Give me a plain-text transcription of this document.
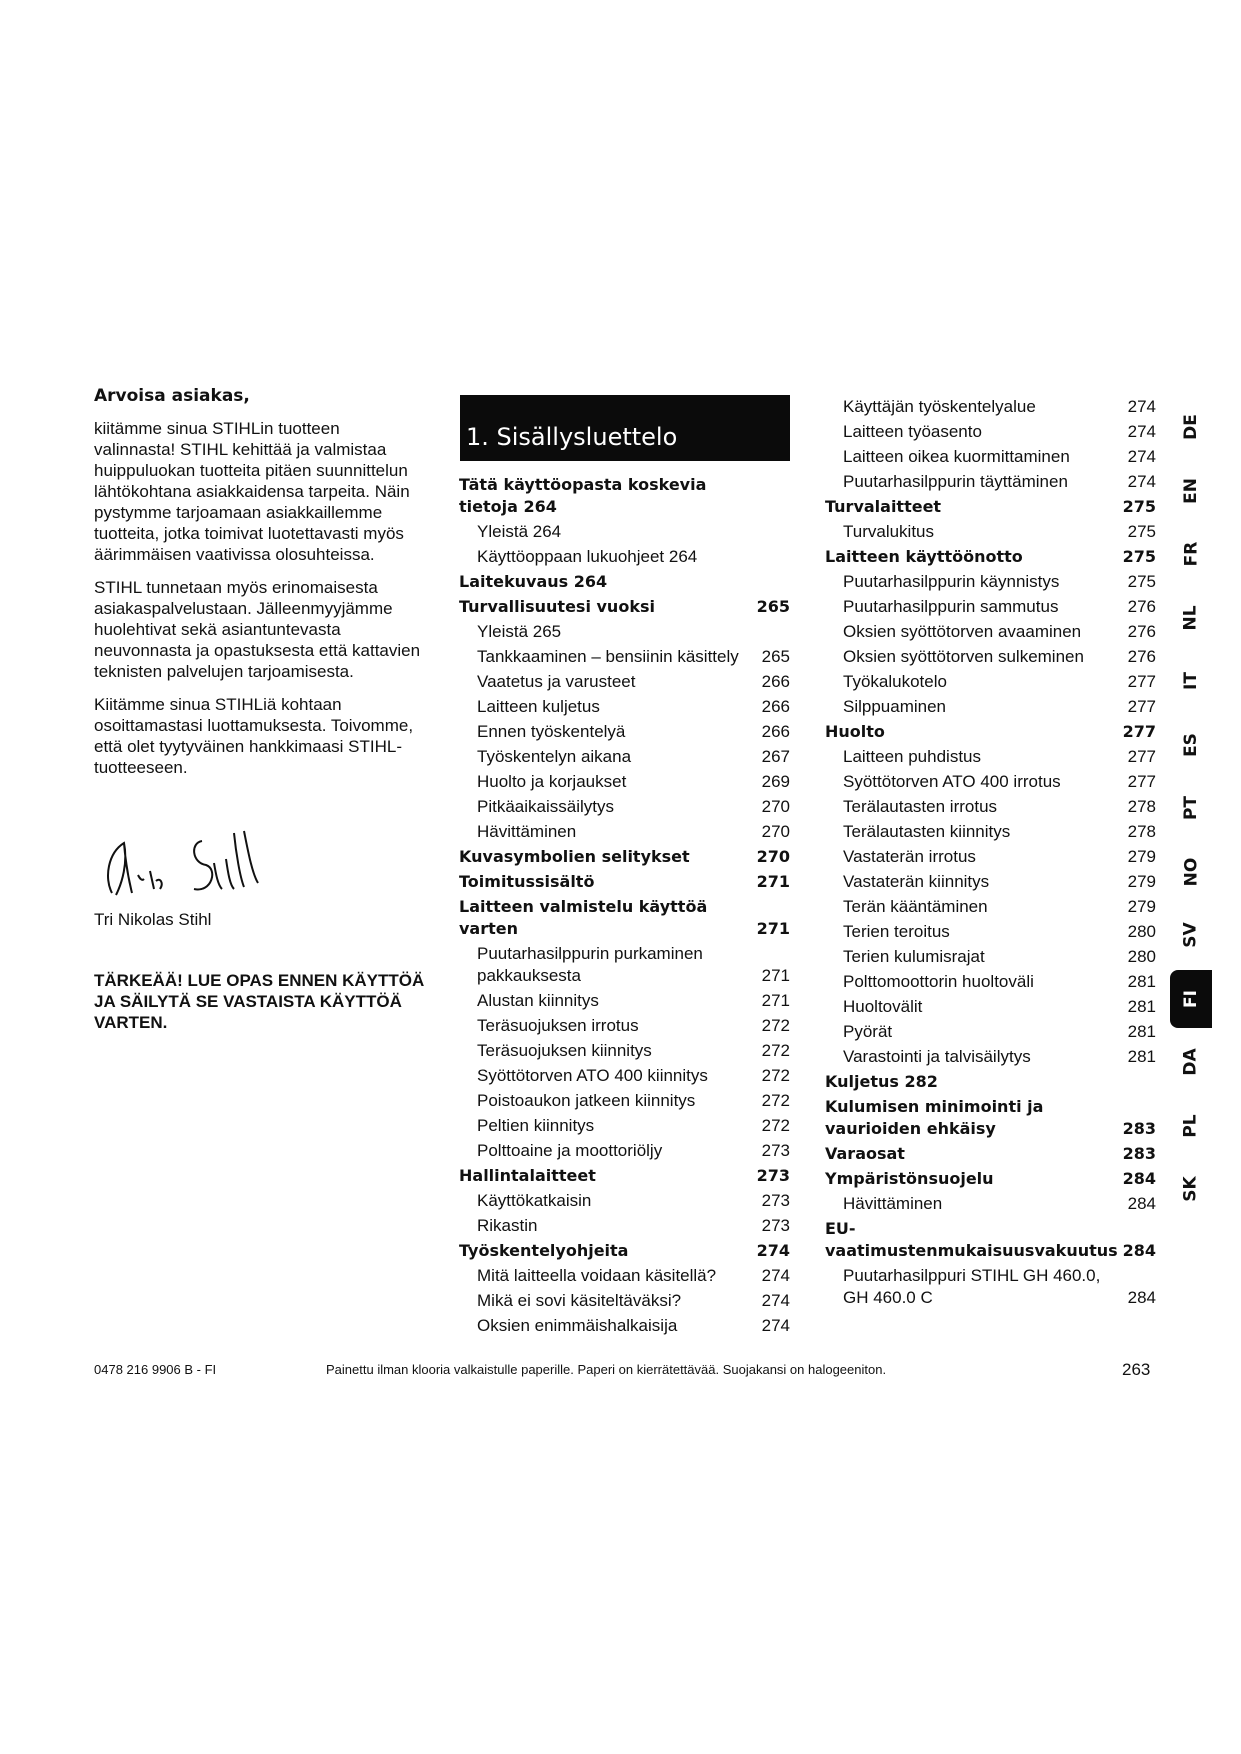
Arvoisa asiakas,

kiitämme sinua STIHLin tuotteen valinnasta! STIHL kehittää ja valmistaa huippuluokan tuotteita pitäen suunnittelun lähtökohtana asiakkaidensa tarpeita. Näin pystymme tarjoamaan asiakkaillemme tuotteita, jotka toimivat luotettavasti myös äärimmäisen vaativissa olosuhteissa.

STIHL tunnetaan myös erinomaisesta asiakaspalvelustaan. Jälleenmyyjämme huolehtivat sekä asiantuntevasta neuvonnasta ja opastuksesta että kattavien teknisten palvelujen tarjoamisesta.

Kiitämme sinua STIHLiä kohtaan osoittamastasi luottamuksesta. Toivomme, että olet tyytyväinen hankkimaasi STIHL-tuotteeseen.

Tri Nikolas Stihl
TÄRKEÄÄ! LUE OPAS ENNEN KÄYTTÖÄ JA SÄILYTÄ SE VASTAISTA KÄYTTÖÄ VARTEN.
1. Sisällysluettelo
Tätä käyttöopasta koskevia tietoja 264
Yleistä 264
Käyttöoppaan lukuohjeet 264
Laitekuvaus 264
Turvallisuutesi vuoksi	265
Yleistä 265
Tankkaaminen – bensiinin käsittely 265
Vaatetus ja varusteet	266
Laitteen kuljetus	266
Ennen työskentelyä	266
Työskentelyn aikana	267
Huolto ja korjaukset	269
Pitkäaikaissäilytys	270
Hävittäminen	270
Kuvasymbolien selitykset	270
Toimitussisältö	271
Laitteen valmistelu käyttöä varten	271
Puutarhasilppurin purkaminen pakkauksesta	271
Alustan kiinnitys	271
Teräsuojuksen irrotus	272
Teräsuojuksen kiinnitys	272
Syöttötorven ATO 400 kiinnitys	272
Poistoaukon jatkeen kiinnitys	272
Peltien kiinnitys	272
Polttoaine ja moottoriöljy	273
Hallintalaitteet	273
Käyttökatkaisin	273
Rikastin	273
Työskentelyohjeita	274
Mitä laitteella voidaan käsitellä?	274
Mikä ei sovi käsiteltäväksi?	274
Oksien enimmäishalkaisija	274
Käyttäjän työskentelyalue	274
Laitteen työasento	274
Laitteen oikea kuormittaminen	274
Puutarhasilppurin täyttäminen	274
Turvalaitteet	275
Turvalukitus	275
Laitteen käyttöönotto	275
Puutarhasilppurin käynnistys	275
Puutarhasilppurin sammutus	276
Oksien syöttötorven avaaminen	276
Oksien syöttötorven sulkeminen	276
Työkalukotelo	277
Silppuaminen	277
Huolto	277
Laitteen puhdistus	277
Syöttötorven ATO 400 irrotus	277
Terälautasten irrotus	278
Terälautasten kiinnitys	278
Vastaterän irrotus	279
Vastaterän kiinnitys	279
Terän kääntäminen	279
Terien teroitus	280
Terien kulumisrajat	280
Polttomoottorin huoltoväli	281
Huoltovälit	281
Pyörät	281
Varastointi ja talvisäilytys	281
Kuljetus 282
Kulumisen minimointi ja vaurioiden ehkäisy	283
Varaosat	283
Ympäristönsuojelu	284
Hävittäminen	284
EU-vaatimustenmukaisuusvakuutus 284
Puutarhasilppuri STIHL GH 460.0, GH 460.0 C	284
DE
EN
FR
NL
IT
ES
PT
NO
SV
FI
DA
PL
SK
0478 216 9906 B - FI	Painettu ilman klooria valkaistulle paperille. Paperi on kierrätettävää. Suojakansi on halogeeniton.	263
